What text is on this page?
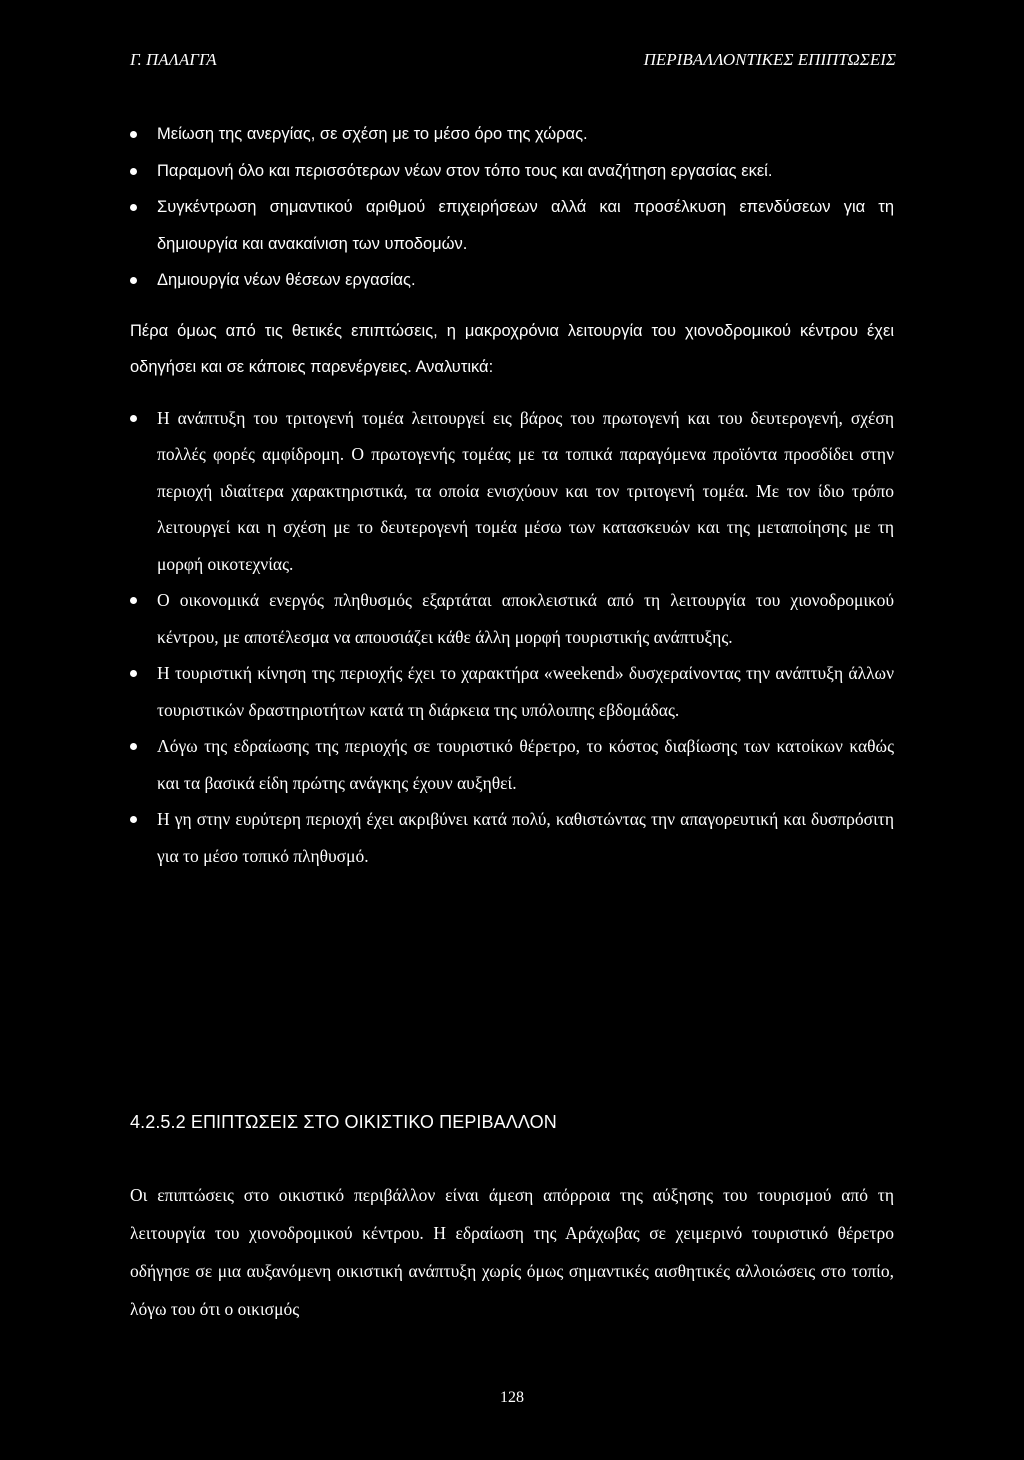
Γ. ΠΑΛΑΓΓΑ	ΠΕΡΙΒΑΛΛΟΝΤΙΚΕΣ ΕΠΙΠΤΩΣΕΙΣ
Μείωση της ανεργίας, σε σχέση με το μέσο όρο της χώρας.
Παραμονή όλο και περισσότερων νέων στον τόπο τους και αναζήτηση εργασίας εκεί.
Συγκέντρωση σημαντικού αριθμού επιχειρήσεων αλλά και προσέλκυση επενδύσεων για τη δημιουργία και ανακαίνιση των υποδομών.
Δημιουργία νέων θέσεων εργασίας.

Πέρα όμως από τις θετικές επιπτώσεις, η μακροχρόνια λειτουργία του χιονοδρομικού κέντρου έχει οδηγήσει και σε κάποιες παρενέργειες. Αναλυτικά:

Η ανάπτυξη του τριτογενή τομέα λειτουργεί εις βάρος του πρωτογενή και του δευτερογενή, σχέση πολλές φορές αμφίδρομη. Ο πρωτογενής τομέας με τα τοπικά παραγόμενα προϊόντα προσδίδει στην περιοχή ιδιαίτερα χαρακτηριστικά, τα οποία ενισχύουν και τον τριτογενή τομέα. Με τον ίδιο τρόπο λειτουργεί και η σχέση με το δευτερογενή τομέα μέσω των κατασκευών και της μεταποίησης με τη μορφή οικοτεχνίας.
Ο οικονομικά ενεργός πληθυσμός εξαρτάται αποκλειστικά από τη λειτουργία του χιονοδρομικού κέντρου, με αποτέλεσμα να απουσιάζει κάθε άλλη μορφή τουριστικής ανάπτυξης.
Η τουριστική κίνηση της περιοχής έχει το χαρακτήρα «weekend» δυσχεραίνοντας την ανάπτυξη άλλων τουριστικών δραστηριοτήτων κατά τη διάρκεια της υπόλοιπης εβδομάδας.
Λόγω της εδραίωσης της περιοχής σε τουριστικό θέρετρο, το κόστος διαβίωσης των κατοίκων καθώς και τα βασικά είδη πρώτης ανάγκης έχουν αυξηθεί.
Η γη στην ευρύτερη περιοχή έχει ακριβύνει κατά πολύ, καθιστώντας την απαγορευτική και δυσπρόσιτη για το μέσο τοπικό πληθυσμό.
4.2.5.2 ΕΠΙΠΤΩΣΕΙΣ ΣΤΟ ΟΙΚΙΣΤΙΚΟ ΠΕΡΙΒΑΛΛΟΝ

Οι επιπτώσεις στο οικιστικό περιβάλλον είναι άμεση απόρροια της αύξησης του τουρισμού από τη λειτουργία του χιονοδρομικού κέντρου. Η εδραίωση της Αράχωβας σε χειμερινό τουριστικό θέρετρο οδήγησε σε μια αυξανόμενη οικιστική ανάπτυξη χωρίς όμως σημαντικές αισθητικές αλλοιώσεις στο τοπίο, λόγω του ότι ο οικισμός

128
